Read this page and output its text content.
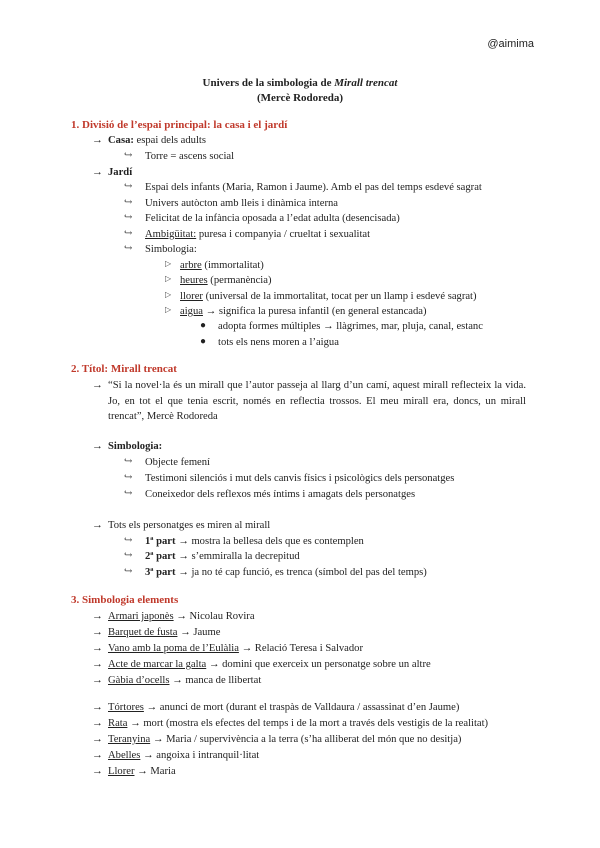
@aimima
Univers de la simbologia de Mirall trencat
(Mercè Rodoreda)
1. Divisió de l’espai principal: la casa i el jardí
→ Casa: espai dels adults
↪ Torre = ascens social
→ Jardí
↪ Espai dels infants (Maria, Ramon i Jaume). Amb el pas del temps esdevé sagrat
↪ Univers autòcton amb lleis i dinàmica interna
↪ Felicitat de la infància oposada a l’edat adulta (desencisada)
↪ Ambigüitat: puresa i companyia / crueltat i sexualitat
↪ Simbologia:
▷ arbre (immortalitat)
▷ heures (permanència)
▷ llorer (universal de la immortalitat, tocat per un llamp i esdevé sagrat)
▷ aigua → significa la puresa infantil (en general estancada)
● adopta formes múltiples → llàgrimes, mar, pluja, canal, estanc
● tots els nens moren a l’aigua
2. Títol: Mirall trencat
→ “Si la novel·la és un mirall que l’autor passeja al llarg d’un camí, aquest mirall reflecteix la vida. Jo, en tot el que tenia escrit, només en reflectia trossos. El meu mirall era, doncs, un mirall trencat”, Mercè Rodoreda
→ Simbologia:
↪ Objecte femení
↪ Testimoni silenciós i mut dels canvis físics i psicològics dels personatges
↪ Coneixedor dels reflexos més íntims i amagats dels personatges
→ Tots els personatges es miren al mirall
↪ 1ª part → mostra la bellesa dels que es contemplen
↪ 2ª part → s’emmiralla la decrepitud
↪ 3ª part → ja no té cap funció, es trenca (símbol del pas del temps)
3. Simbologia elements
→ Armari japonès → Nicolau Rovira
→ Barquet de fusta → Jaume
→ Vano amb la poma de l’Eulàlia → Relació Teresa i Salvador
→ Acte de marcar la galta → domini que exerceix un personatge sobre un altre
→ Gàbia d’ocells → manca de llibertat
→ Tórtores → anunci de mort (durant el traspàs de Valldaura / assassinat d’en Jaume)
→ Rata → mort (mostra els efectes del temps i de la mort a través dels vestigis de la realitat)
→ Teranyina → Maria / supervivència a la terra (s’ha alliberat del món que no desitja)
→ Abelles → angoixa i intranquil·litat
→ Llorer → Maria
